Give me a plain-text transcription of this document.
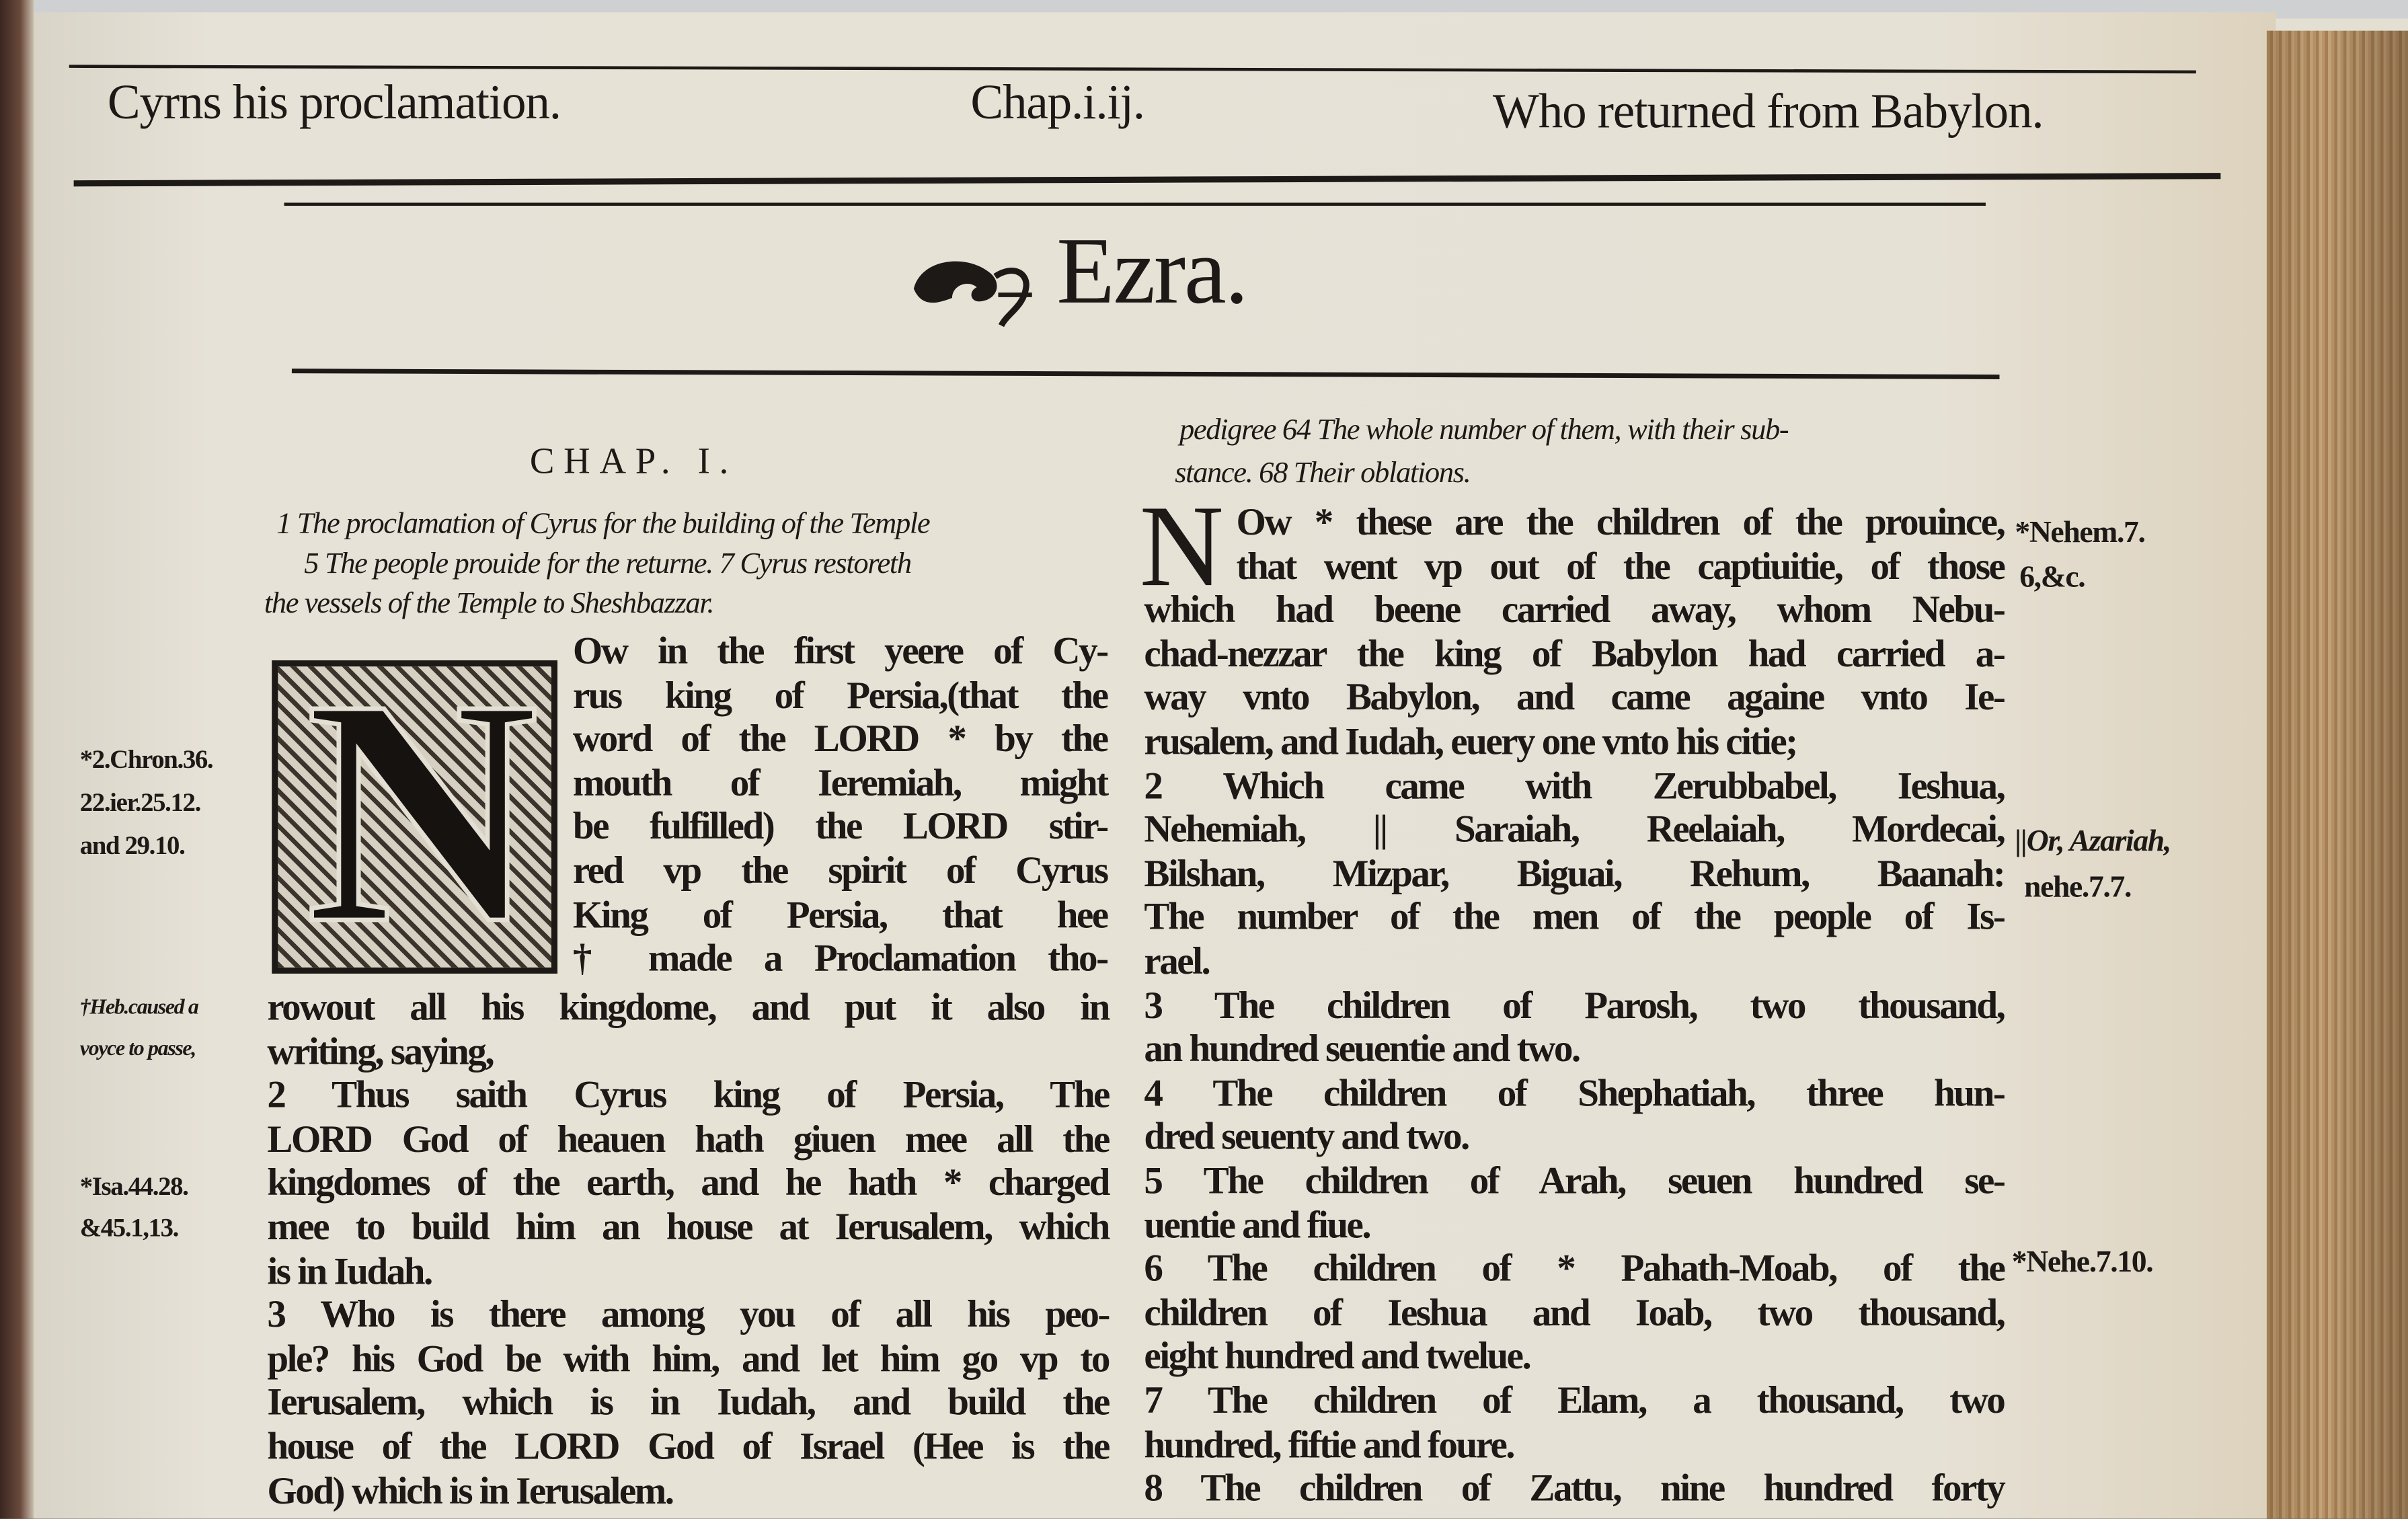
Cyrns his proclamation.	Chap.i.ij.	Who returned from Babylon.
Ezra.
CHAP. I.
1 The proclamation of Cyrus for the building of the Temple
5 The people prouide for the returne. 7 Cyrus restoreth
the vessels of the Temple to Sheshbazzar.
N Ow in the first yeere of Cy-
rus king of Persia,(that the
word of the LORD * by the
mouth of Ieremiah, might
be fulfilled) the LORD stir-
red vp the spirit of Cyrus
King of Persia, that hee
† made a Proclamation tho-
rowout all his kingdome, and put it also in
writing, saying,
2 Thus saith Cyrus king of Persia, The
LORD God of heauen hath giuen mee all the
kingdomes of the earth, and he hath * charged
mee to build him an house at Ierusalem, which
is in Iudah.
3 Who is there among you of all his peo-
ple? his God be with him, and let him go vp to
Ierusalem, which is in Iudah, and build the
house of the LORD God of Israel (Hee is the
God) which is in Ierusalem.
*2.Chron.36.
22.ier.25.12.
and 29.10.
†Heb.caused a
voyce to passe,
*Isa.44.28.
&45.1,13.
pedigree 64 The whole number of them, with their sub-
stance. 68 Their oblations.
N Ow * these are the children of the prouince,
that went vp out of the captiuitie, of those
which had beene carried away, whom Nebu-
chad-nezzar the king of Babylon had carried a-
way vnto Babylon, and came againe vnto Ie-
rusalem, and Iudah, euery one vnto his citie;
2 Which came with Zerubbabel, Ieshua,
Nehemiah, || Saraiah, Reelaiah, Mordecai,
Bilshan, Mizpar, Biguai, Rehum, Baanah:
The number of the men of the people of Is-
rael.
3 The children of Parosh, two thousand,
an hundred seuentie and two.
4 The children of Shephatiah, three hun-
dred seuenty and two.
5 The children of Arah, seuen hundred se-
uentie and fiue.
6 The children of * Pahath-Moab, of the
children of Ieshua and Ioab, two thousand,
eight hundred and twelue.
7 The children of Elam, a thousand, two
hundred, fiftie and foure.
8 The children of Zattu, nine hundred forty
*Nehem.7.
6,&c.
||Or, Azariah,
nehe.7.7.
*Nehe.7.10.
